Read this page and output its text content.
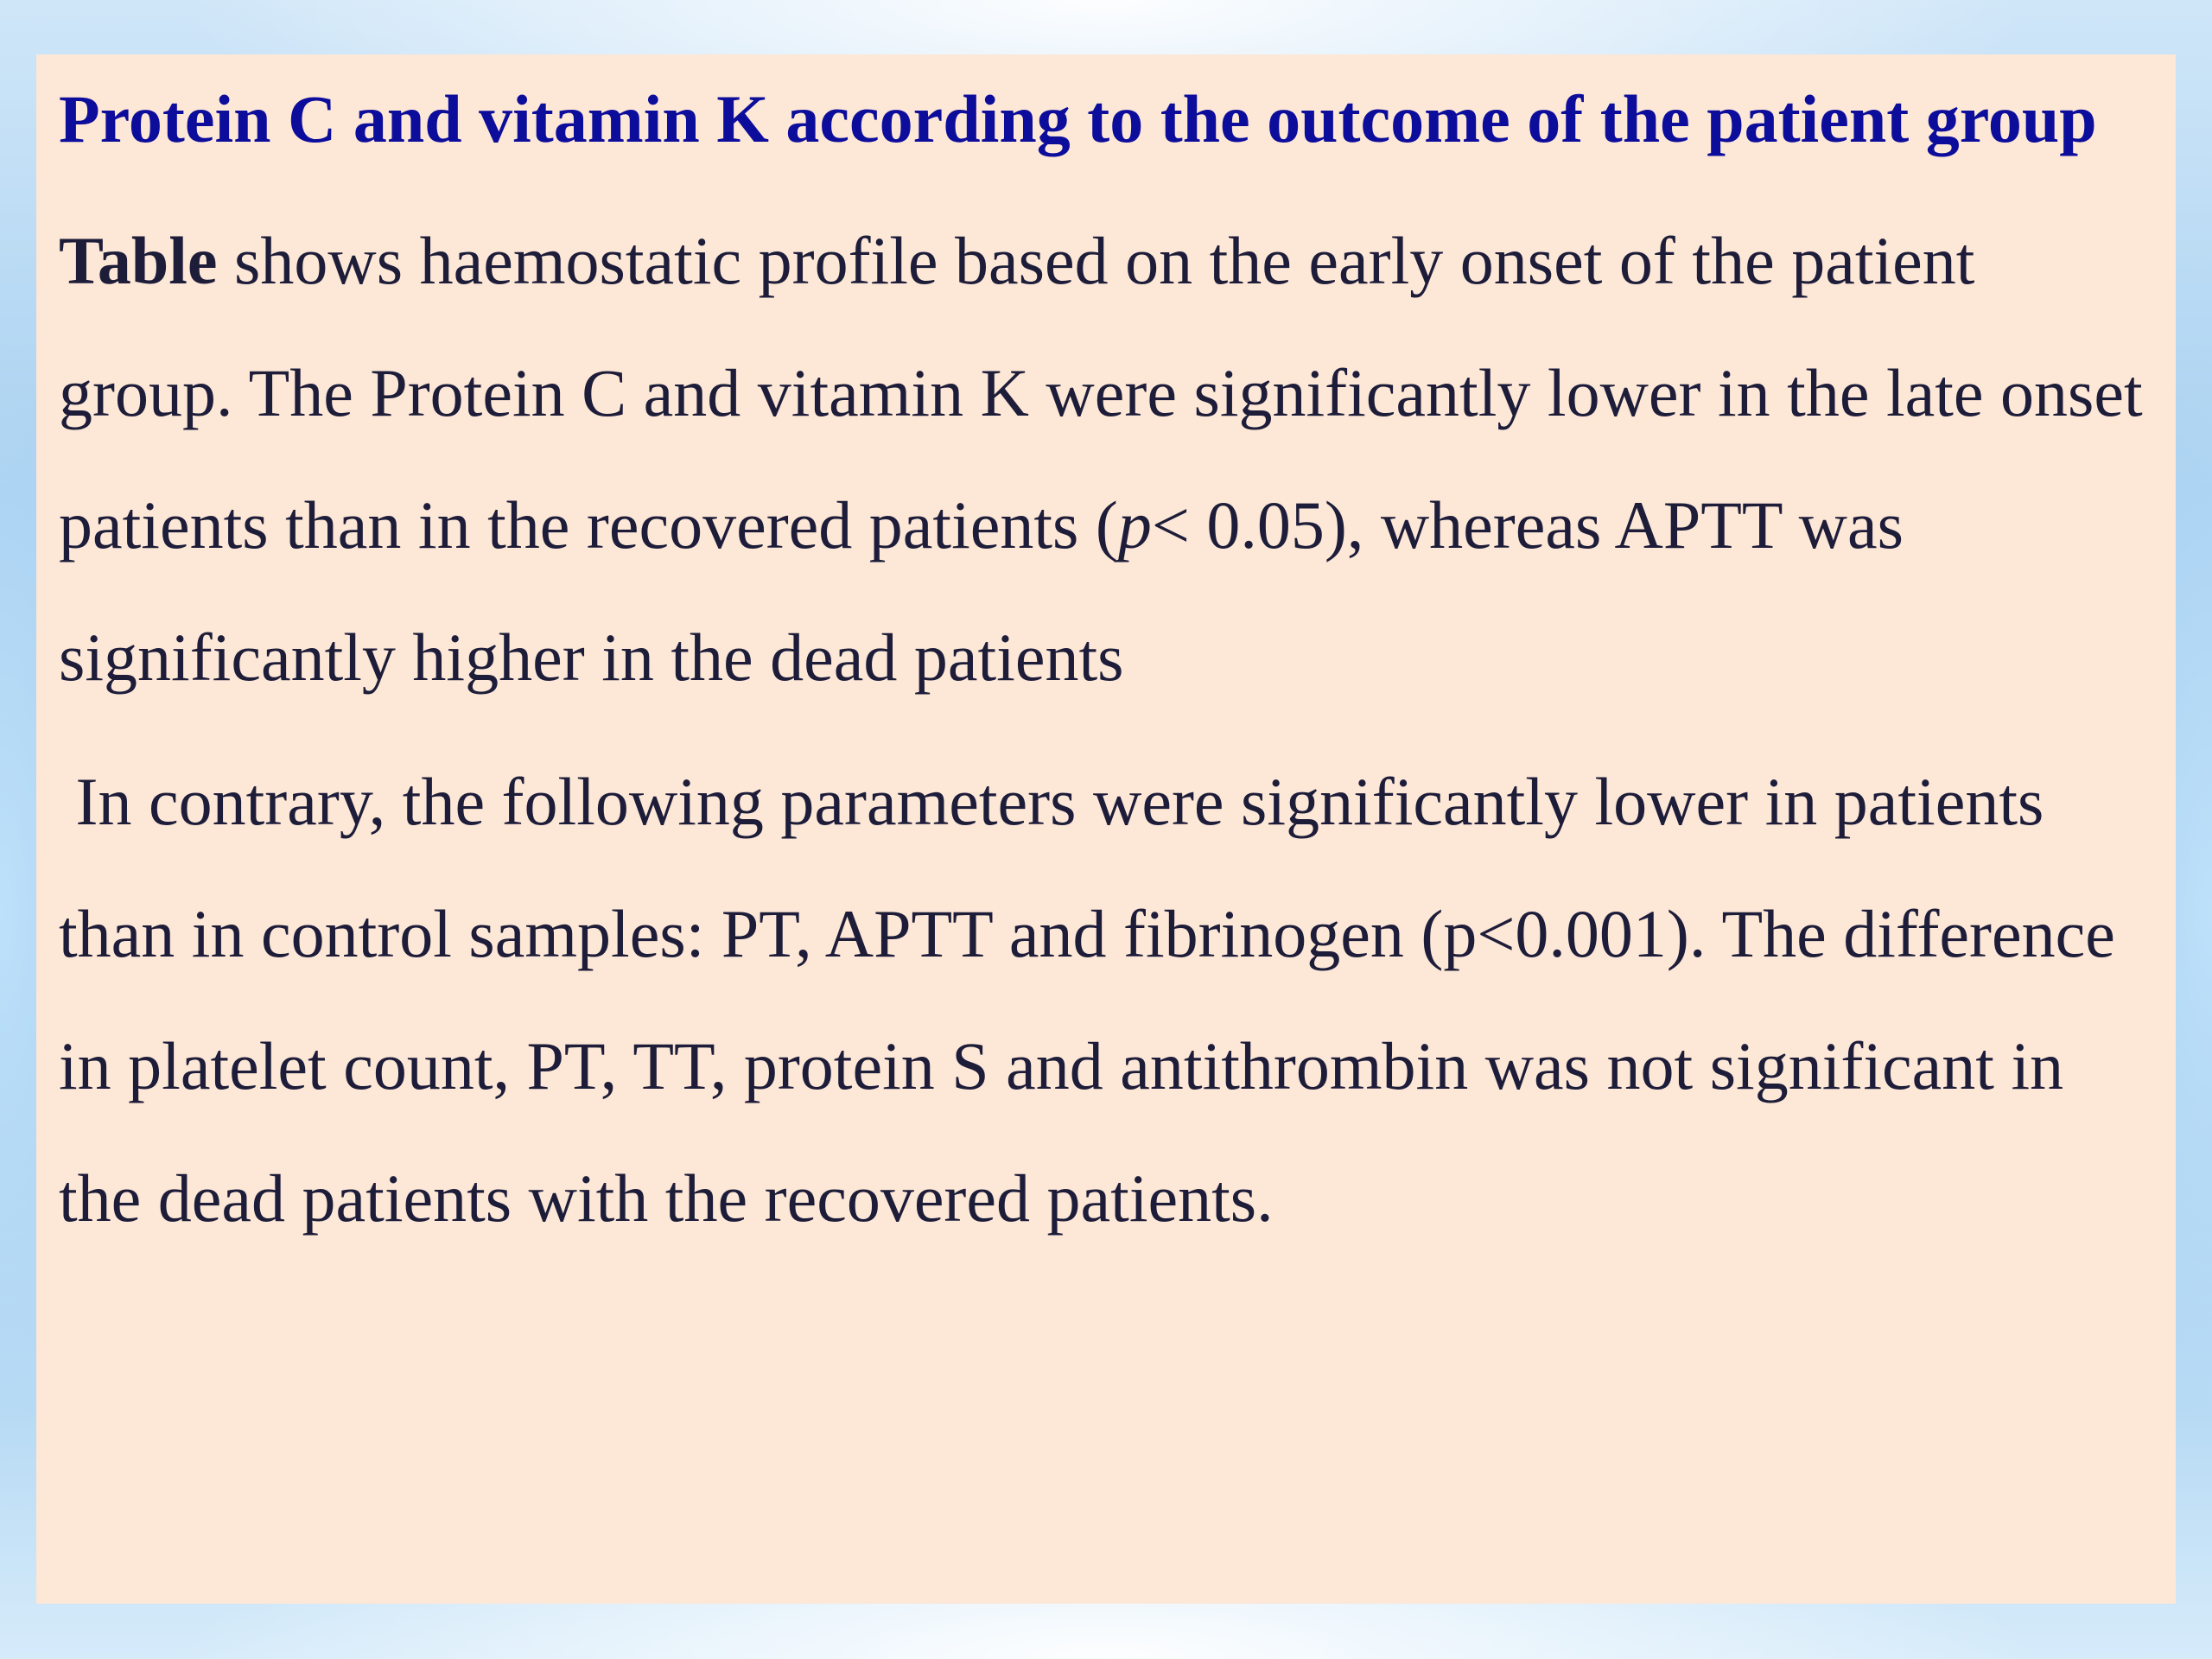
Protein C and vitamin K according to the outcome of the patient group

Table shows haemostatic profile based on the early onset of the patient group. The Protein C and vitamin K were significantly lower in the late onset patients than in the recovered patients (p< 0.05), whereas APTT was significantly higher in the dead patients

In contrary, the following parameters were significantly lower in patients than in control samples: PT, APTT and fibrinogen (p<0.001). The difference in platelet count, PT, TT, protein S and antithrombin was not significant in the dead patients with the recovered patients.
